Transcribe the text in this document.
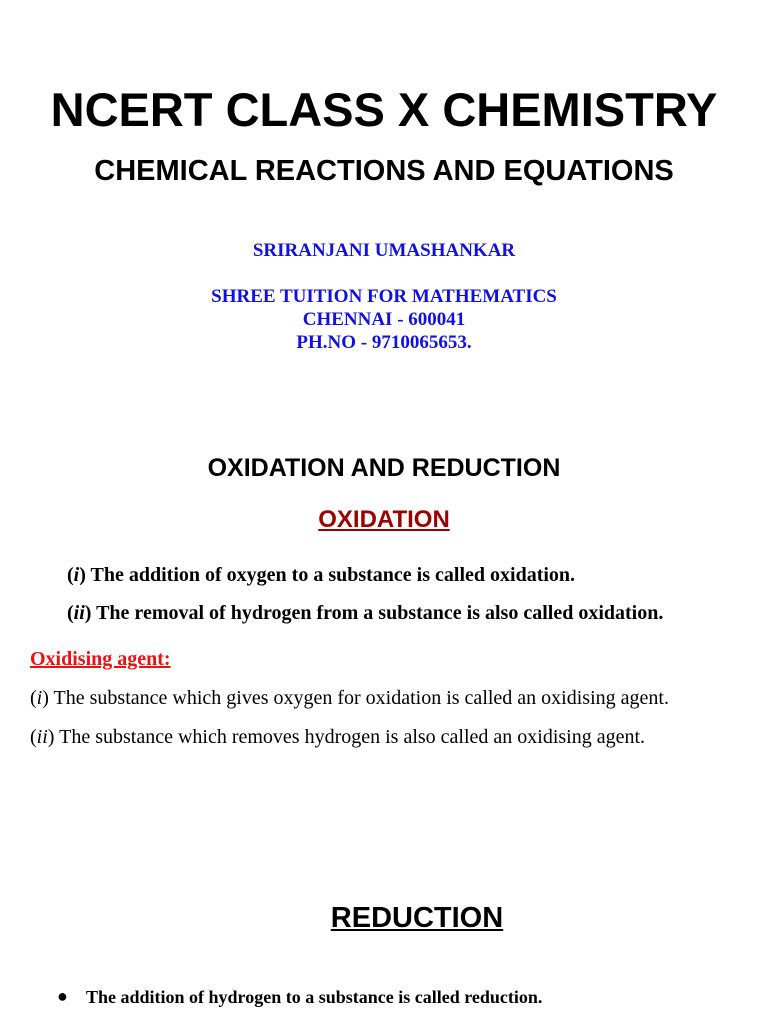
NCERT CLASS X CHEMISTRY
CHEMICAL REACTIONS AND EQUATIONS
SRIRANJANI UMASHANKAR
SHREE TUITION FOR MATHEMATICS
CHENNAI - 600041
PH.NO - 9710065653.
OXIDATION AND REDUCTION
OXIDATION
(i) The addition of oxygen to a substance is called oxidation.
(ii) The removal of hydrogen from a substance is also called oxidation.
Oxidising agent:
(i) The substance which gives oxygen for oxidation is called an oxidising agent.
(ii) The substance which removes hydrogen is also called an oxidising agent.
REDUCTION
● The addition of hydrogen to a substance is called reduction.
